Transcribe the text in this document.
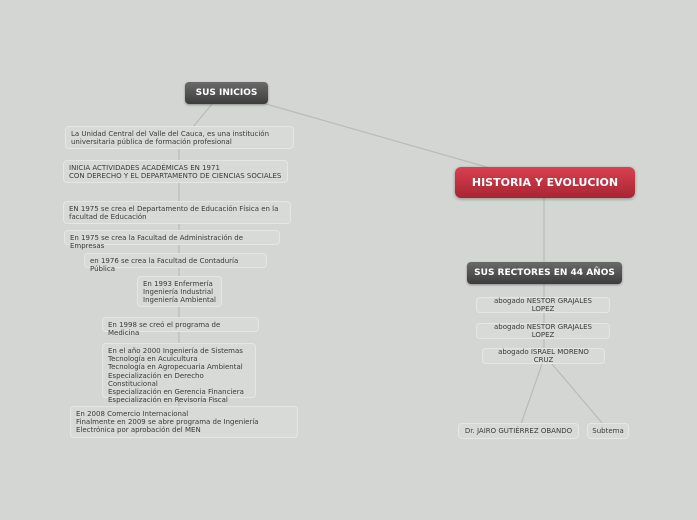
HISTORIA Y EVOLUCION
SUS INICIOS
SUS RECTORES EN 44 AÑOS
La Unidad Central del Valle del Cauca, es una institución
universitaria pública de formación profesional
INICIA ACTIVIDADES ACADÉMICAS EN 1971
CON DERECHO Y EL DEPARTAMENTO DE CIENCIAS SOCIALES
EN 1975 se crea el Departamento de Educación Física en la
facultad de Educación
En 1975 se crea la Facultad de Administración de Empresas
en 1976 se crea la Facultad de Contaduría Pública
En 1993 Enfermería
Ingeniería Industrial
Ingeniería Ambiental
En 1998 se creó el programa de Medicina
En el año 2000 Ingeniería de Sistemas
Tecnología en Acuicultura
Tecnología en Agropecuaria Ambiental
Especialización en Derecho Constitucional
Especialización en Gerencia Financiera
Especialización en Revisoría Fiscal
En 2008 Comercio Internacional
Finalmente en 2009 se abre programa de Ingeniería
Electrónica por aprobación del MEN
abogado NESTOR GRAJALES LOPEZ
abogado NESTOR GRAJALES LOPEZ
abogado ISRAEL MORENO CRUZ
Dr. JAIRO GUTIÉRREZ OBANDO	Subtema
